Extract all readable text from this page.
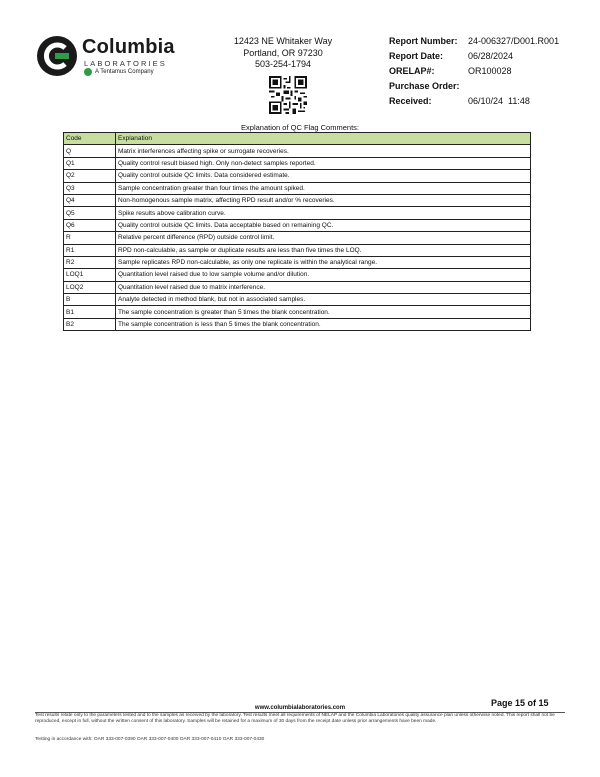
Columbia
LABORATORIES
A Tentamus Company
12423 NE Whitaker Way
Portland, OR 97230
503-254-1794
Report Number: 24-006327/D001.R001
Report Date:	06/28/2024
ORELAP#:	OR100028
Purchase Order:
Received:	06/10/24  11:48
Explanation of QC Flag Comments:
Code	Explanation
Q	Matrix interferences affecting spike or surrogate recoveries.
Q1	Quality control result biased high. Only non-detect samples reported.
Q2	Quality control outside QC limits. Data considered estimate.
Q3	Sample concentration greater than four times the amount spiked.
Q4	Non-homogenous sample matrix, affecting RPD result and/or % recoveries.
Q5	Spike results above calibration curve.
Q6	Quality control outside QC limits. Data acceptable based on remaining QC.
R	Relative percent difference (RPD) outside control limit.
R1	RPD non-calculable, as sample or duplicate results are less than five times the LOQ.
R2	Sample replicates RPD non-calculable, as only one replicate is within the analytical range.
LOQ1	Quantitation level raised due to low sample volume and/or dilution.
LOQ2	Quantitation level raised due to matrix interference.
B	Analyte detected in method blank, but not in associated samples.
B1	The sample concentration is greater than 5 times the blank concentration.
B2	The sample concentration is less than 5 times the blank concentration.
Page 15 of 15
www.columbialaboratories.com
Test results relate only to the parameters tested and to the samples as received by the laboratory. Test results meet all requirements of NELAP and the Columbia Laboratories quality assurance plan unless otherwise noted. This report shall not be reproduced, except in full, without the written consent of this laboratory. Samples will be retained for a maximum of 30 days from the receipt date unless prior arrangements have been made.
Testing in accordance with: OAR 333-007-0390 OAR 333-007-0400 OAR 333-007-0410 OAR 333-007-0430
